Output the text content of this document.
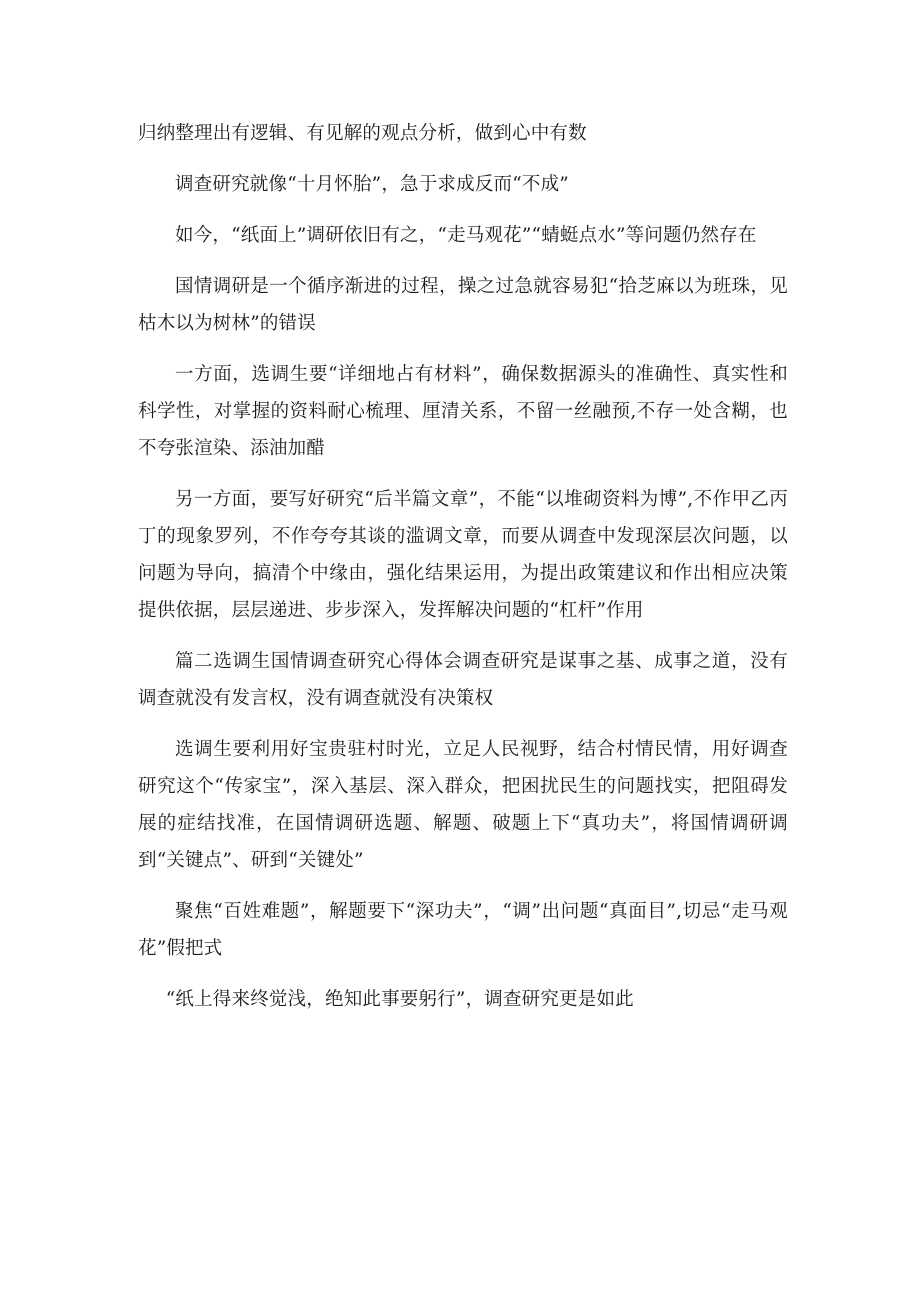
归纳整理出有逻辑、有见解的观点分析，做到心中有数

调查研究就像“十月怀胎”，急于求成反而“不成”

如今，“纸面上”调研依旧有之，“走马观花”“蜻蜓点水”等问题仍然存在

国情调研是一个循序渐进的过程，操之过急就容易犯“拾芝麻以为班珠，见枯木以为树林”的错误

一方面，选调生要“详细地占有材料”，确保数据源头的准确性、真实性和科学性，对掌握的资料耐心梳理、厘清关系，不留一丝融预,不存一处含糊，也不夸张渲染、添油加醋

另一方面，要写好研究“后半篇文章”，不能“以堆砌资料为博”,不作甲乙丙丁的现象罗列，不作夸夸其谈的滥调文章，而要从调查中发现深层次问题，以问题为导向，搞清个中缘由，强化结果运用，为提出政策建议和作出相应决策提供依据，层层递进、步步深入，发挥解决问题的“杠杆”作用

篇二选调生国情调查研究心得体会调查研究是谋事之基、成事之道，没有调查就没有发言权，没有调查就没有决策权

选调生要利用好宝贵驻村时光，立足人民视野，结合村情民情，用好调查研究这个“传家宝”，深入基层、深入群众，把困扰民生的问题找实，把阻碍发展的症结找准，在国情调研选题、解题、破题上下“真功夫”，将国情调研调到“关键点”、研到“关键处”

聚焦“百姓难题”，解题要下“深功夫”，“调”出问题“真面目”,切忌“走马观花”假把式

“纸上得来终觉浅，绝知此事要躬行”，调查研究更是如此
